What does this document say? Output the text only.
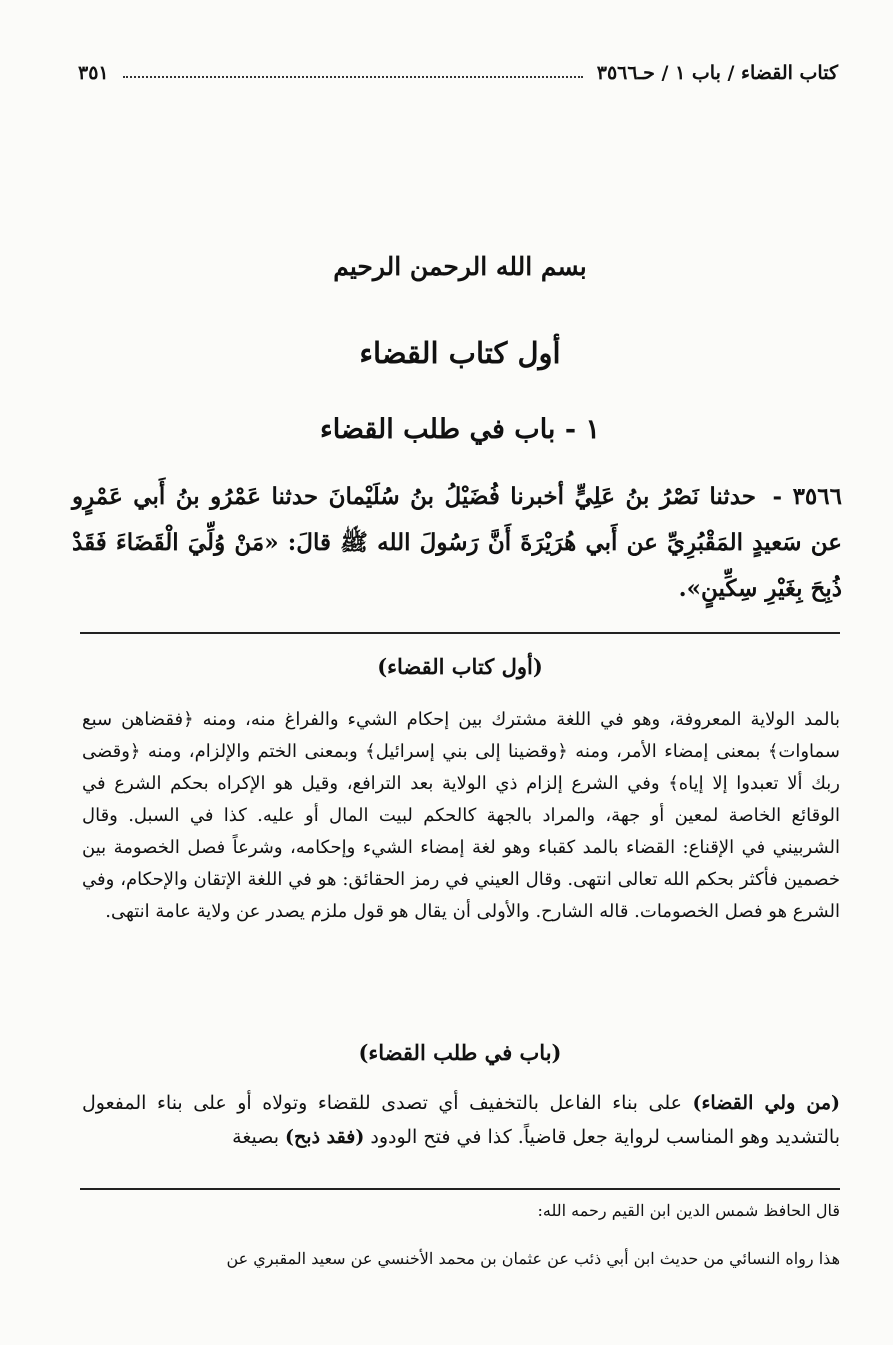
٣٥١	كتاب القضاء / باب ١ / حـ٣٥٦٦
بسم الله الرحمن الرحيم
أول كتاب القضاء
١ - باب في طلب القضاء
٣٥٦٦ - حدثنا نَصْرُ بنُ عَلِيٍّ أخبرنا فُضَيْلُ بنُ سُلَيْمانَ حدثنا عَمْرُو بنُ أَبي عَمْرٍو عن سَعيدٍ المَقْبُرِيِّ عن أَبي هُرَيْرَةَ أَنَّ رَسُولَ الله ﷺ قالَ: «مَنْ وُلِّيَ الْقَضَاءَ فَقَدْ ذُبِحَ بِغَيْرِ سِكِّينٍ».
(أول كتاب القضاء)
بالمد الولاية المعروفة، وهو في اللغة مشترك بين إحكام الشيء والفراغ منه، ومنه ﴿فقضاهن سبع سماوات﴾ بمعنى إمضاء الأمر، ومنه ﴿وقضينا إلى بني إسرائيل﴾ وبمعنى الختم والإلزام، ومنه ﴿وقضى ربك ألا تعبدوا إلا إياه﴾ وفي الشرع إلزام ذي الولاية بعد الترافع، وقيل هو الإكراه بحكم الشرع في الوقائع الخاصة لمعين أو جهة، والمراد بالجهة كالحكم لبيت المال أو عليه. كذا في السبل. وقال الشربيني في الإقناع: القضاء بالمد كقباء وهو لغة إمضاء الشيء وإحكامه، وشرعاً فصل الخصومة بين خصمين فأكثر بحكم الله تعالى انتهى. وقال العيني في رمز الحقائق: هو في اللغة الإتقان والإحكام، وفي الشرع هو فصل الخصومات. قاله الشارح. والأولى أن يقال هو قول ملزم يصدر عن ولاية عامة انتهى.
(باب في طلب القضاء)
(من ولي القضاء) على بناء الفاعل بالتخفيف أي تصدى للقضاء وتولاه أو على بناء المفعول بالتشديد وهو المناسب لرواية جعل قاضياً. كذا في فتح الودود (فقد ذبح) بصيغة
قال الحافظ شمس الدين ابن القيم رحمه الله:
هذا رواه النسائي من حديث ابن أبي ذئب عن عثمان بن محمد الأخنسي عن سعيد المقبري عن
